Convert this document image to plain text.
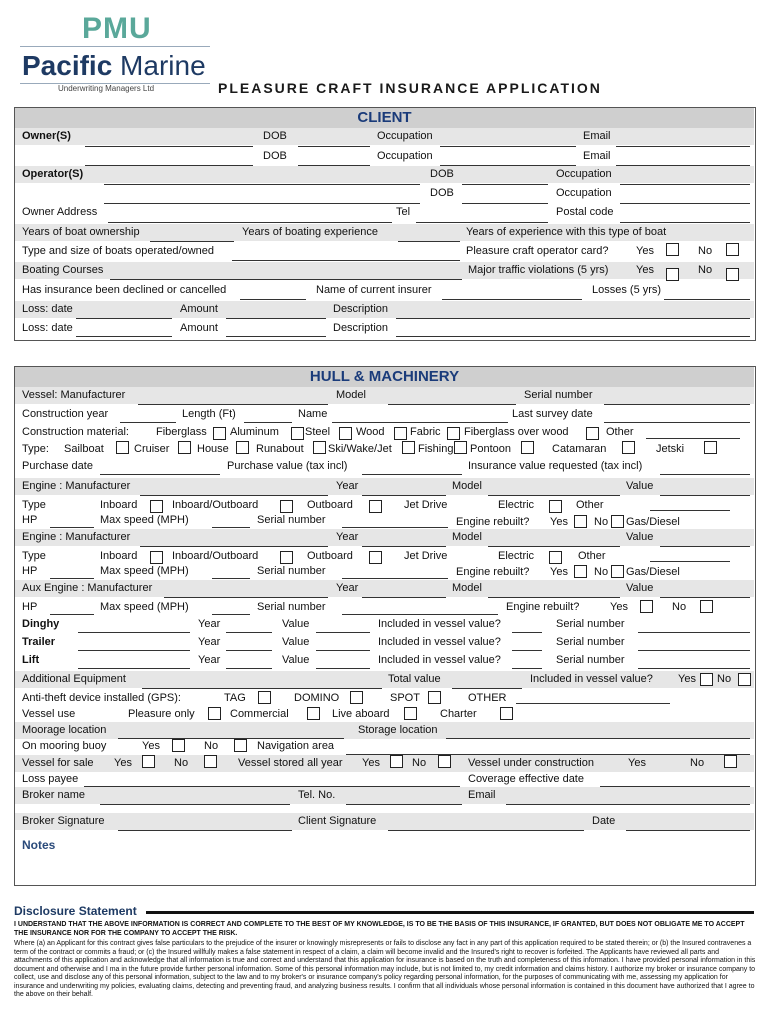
PMU
Pacific Marine
Underwriting Managers Ltd	PLEASURE CRAFT INSURANCE APPLICATION
CLIENT
Owner(S)	DOB	Occupation	Email
DOB	Occupation	Email
Operator(S)	DOB	Occupation
DOB	Occupation
Owner Address	Tel	Postal code
Years of boat ownership	Years of boating experience	Years of experience with this type of boat
Type and size of boats operated/owned	Pleasure craft operator card?	Yes	No
Boating Courses	Major traffic violations (5 yrs)	Yes	No
Has insurance been declined or cancelled	Name of current insurer	Losses (5 yrs)
Loss: date	Amount	Description
Loss: date	Amount	Description
HULL & MACHINERY
Vessel: Manufacturer	Model	Serial number
Construction year	Length (Ft)	Name	Last survey date
Construction material: Fiberglass Aluminum Steel Wood Fabric Fiberglass over wood	Other
Type: Sailboat	Cruiser	House Runabout Ski/Wake/Jet Fishing Pontoon	Catamaran	Jetski
Purchase date	Purchase value (tax incl)	Insurance value requested (tax incl)
Engine : Manufacturer	Year	Model	Value
Type	Inboard	Inboard/Outboard	Outboard	Jet Drive	Electric	Other
HP	Max speed (MPH)	Serial number	Engine rebuilt? Yes No Gas/Diesel
Engine : Manufacturer	Year	Model	Value
Type	Inboard	Inboard/Outboard	Outboard	Jet Drive	Electric	Other
HP	Max speed (MPH)	Serial number	Engine rebuilt? Yes No Gas/Diesel
Aux Engine : Manufacturer	Year	Model	Value
HP	Max speed (MPH)	Serial number	Engine rebuilt?	Yes	No
Dinghy	Year	Value	Included in vessel value?	Serial number
Trailer	Year	Value	Included in vessel value?	Serial number
Lift	Year	Value	Included in vessel value?	Serial number
Additional Equipment	Total value	Included in vessel value? Yes No
Anti-theft device installed (GPS):	TAG	DOMINO	SPOT	OTHER
Vessel use	Pleasure only	Commercial	Live aboard	Charter
Moorage location	Storage location
On mooring buoy	Yes	No	Navigation area
Vessel for sale Yes	No	Vessel stored all year Yes	No	Vessel under construction	Yes	No
Loss payee	Coverage effective date
Broker name	Tel. No.	Email
Broker Signature	Client Signature	Date
Notes
Disclosure Statement
I UNDERSTAND THAT THE ABOVE INFORMATION IS CORRECT AND COMPLETE TO THE BEST OF MY KNOWLEDGE, IS TO BE THE BASIS OF THIS INSURANCE, IF GRANTED, BUT DOES NOT OBLIGATE ME TO ACCEPT THE INSURANCE NOR FOR THE COMPANY TO ACCEPT THE RISK.
Where (a) an Applicant for this contract gives false particulars to the prejudice of the insurer or knowingly misrepresents or fails to disclose any fact in any part of this application required to be stated therein; or (b) the Insured contravenes a term of the contract or commits a fraud; or (c) the Insured willfully makes a false statement in respect of a claim, a claim will become invalid and the Insured's right to recover is forfeited. The Applicants have reviewed all parts and attachments of this application and acknowledge that all information is true and correct and understand that this application for insurance is based on the truth and completeness of this information. I have provided personal information in this document and otherwise and I ma in the future provide further personal information. Some of this personal information may include, but is not limited to, my credit information and claims history. I authorize my broker or insurance company to collect, use and disclose any of this personal information, subject to the law and to my broker's or insurance company's policy regarding personal information, for the purposes of communicating with me, assessing my application for insurance and underwriting my policies, evaluating claims, detecting and preventing fraud, and analyzing business results. I confirm that all individuals whose personal information is contained in this document have authorized that I agree to the above on their behalf.
